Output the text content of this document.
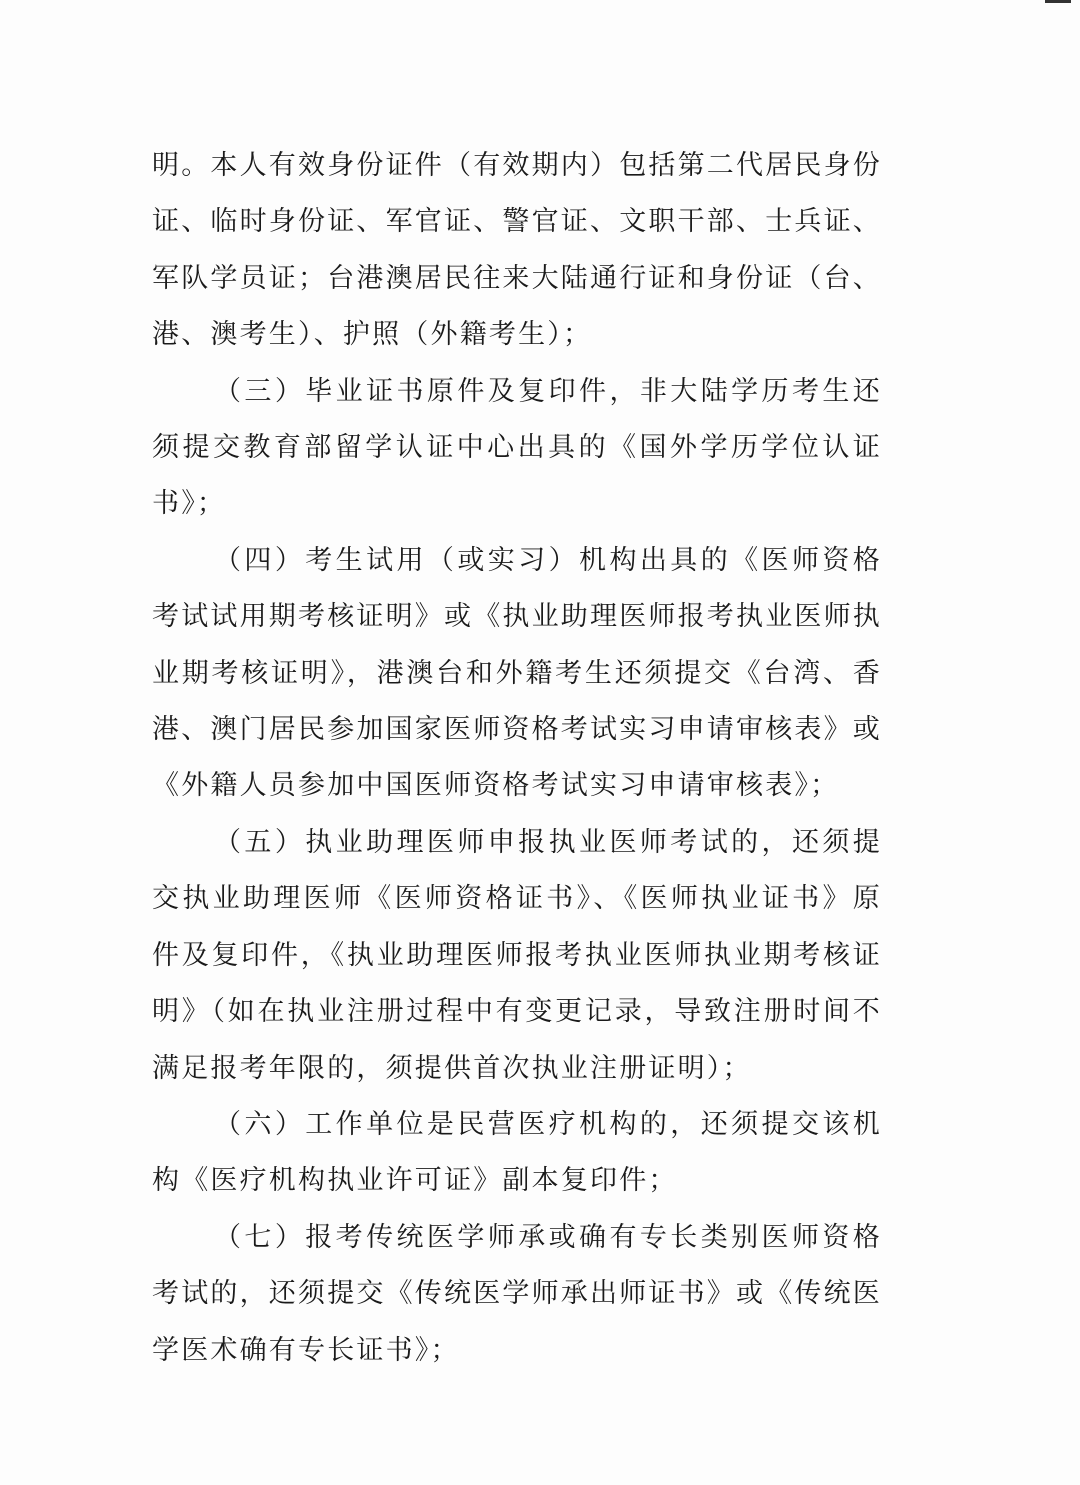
明。本人有效身份证件（有效期内）包括第二代居民身份证、临时身份证、军官证、警官证、文职干部、士兵证、军队学员证；台港澳居民往来大陆通行证和身份证（台、港、澳考生）、护照（外籍考生）；

（三）毕业证书原件及复印件，非大陆学历考生还须提交教育部留学认证中心出具的《国外学历学位认证书》；

（四）考生试用（或实习）机构出具的《医师资格考试试用期考核证明》或《执业助理医师报考执业医师执业期考核证明》，港澳台和外籍考生还须提交《台湾、香港、澳门居民参加国家医师资格考试实习申请审核表》或《外籍人员参加中国医师资格考试实习申请审核表》；

（五）执业助理医师申报执业医师考试的，还须提交执业助理医师《医师资格证书》、《医师执业证书》原件及复印件，《执业助理医师报考执业医师执业期考核证明》（如在执业注册过程中有变更记录，导致注册时间不满足报考年限的，须提供首次执业注册证明）；

（六）工作单位是民营医疗机构的，还须提交该机构《医疗机构执业许可证》副本复印件；

（七）报考传统医学师承或确有专长类别医师资格考试的，还须提交《传统医学师承出师证书》或《传统医学医术确有专长证书》；
